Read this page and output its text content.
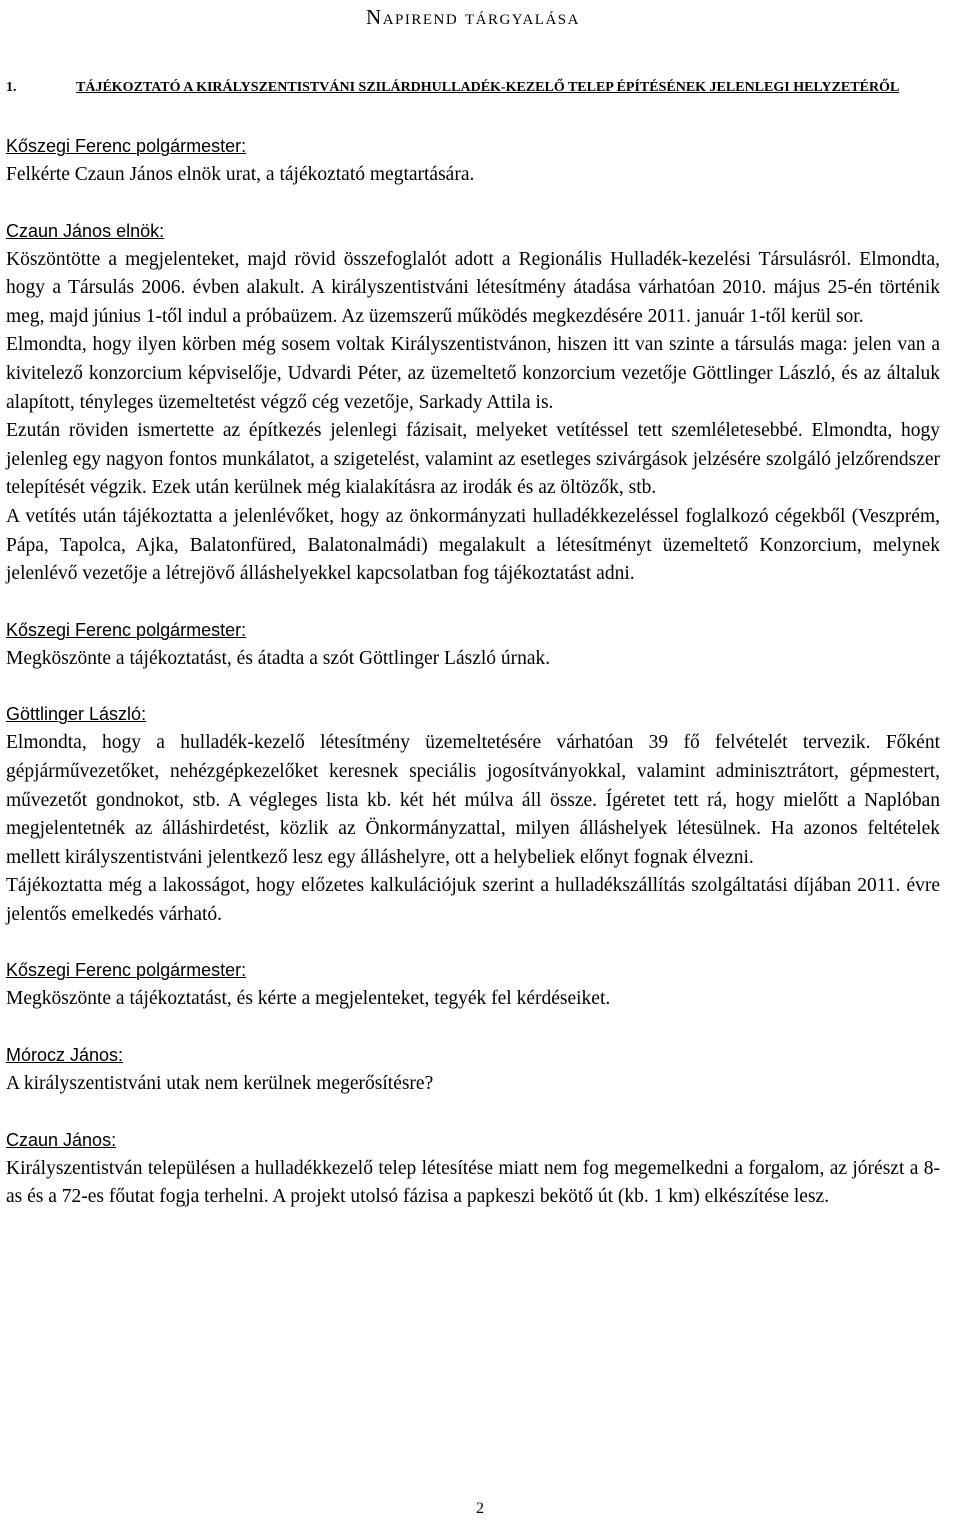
Napirend tárgyalása
1.	TÁJÉKOZTATÓ A KIRÁLYSZENTISTVÁNI SZILÁRDHULLADÉK-KEZELŐ TELEP ÉPÍTÉSÉNEK JELENLEGI HELYZETÉRŐL
Kőszegi Ferenc polgármester:

Felkérte Czaun János elnök urat, a tájékoztató megtartására.

Czaun János elnök:

Köszöntötte a megjelenteket, majd rövid összefoglalót adott a Regionális Hulladék-kezelési Társulásról. Elmondta, hogy a Társulás 2006. évben alakult. A királyszentistváni létesítmény átadása várhatóan 2010. május 25-én történik meg, majd június 1-től indul a próbaüzem. Az üzemszerű működés megkezdésére 2011. január 1-től kerül sor.

Elmondta, hogy ilyen körben még sosem voltak Királyszentistvánon, hiszen itt van szinte a társulás maga: jelen van a kivitelező konzorcium képviselője, Udvardi Péter, az üzemeltető konzorcium vezetője Göttlinger László, és az általuk alapított, tényleges üzemeltetést végző cég vezetője, Sarkady Attila is.

Ezután röviden ismertette az építkezés jelenlegi fázisait, melyeket vetítéssel tett szemléletesebbé. Elmondta, hogy jelenleg egy nagyon fontos munkálatot, a szigetelést, valamint az esetleges szivárgások jelzésére szolgáló jelzőrendszer telepítését végzik. Ezek után kerülnek még kialakításra az irodák és az öltözők, stb.

A vetítés után tájékoztatta a jelenlévőket, hogy az önkormányzati hulladékkezeléssel foglalkozó cégekből (Veszprém, Pápa, Tapolca, Ajka, Balatonfüred, Balatonalmádi) megalakult a létesítményt üzemeltető Konzorcium, melynek jelenlévő vezetője a létrejövő álláshelyekkel kapcsolatban fog tájékoztatást adni.

Kőszegi Ferenc polgármester:

Megköszönte a tájékoztatást, és átadta a szót Göttlinger László úrnak.

Göttlinger László:

Elmondta, hogy a hulladék-kezelő létesítmény üzemeltetésére várhatóan 39 fő felvételét tervezik. Főként gépjárművezetőket, nehézgépkezelőket keresnek speciális jogosítványokkal, valamint adminisztrátort, gépmestert, művezetőt gondnokot, stb. A végleges lista kb. két hét múlva áll össze. Ígéretet tett rá, hogy mielőtt a Naplóban megjelentetnék az álláshirdetést, közlik az Önkormányzattal, milyen álláshelyek létesülnek. Ha azonos feltételek mellett királyszentistváni jelentkező lesz egy álláshelyre, ott a helybeliek előnyt fognak élvezni.

Tájékoztatta még a lakosságot, hogy előzetes kalkulációjuk szerint a hulladékszállítás szolgáltatási díjában 2011. évre jelentős emelkedés várható.

Kőszegi Ferenc polgármester:

Megköszönte a tájékoztatást, és kérte a megjelenteket, tegyék fel kérdéseiket.

Mórocz János:

A királyszentistváni utak nem kerülnek megerősítésre?

Czaun János:

Királyszentistván településen a hulladékkezelő telep létesítése miatt nem fog megemelkedni a forgalom, az jórészt a 8-as és a 72-es főutat fogja terhelni. A projekt utolsó fázisa a papkeszi bekötő út (kb. 1 km) elkészítése lesz.

2
